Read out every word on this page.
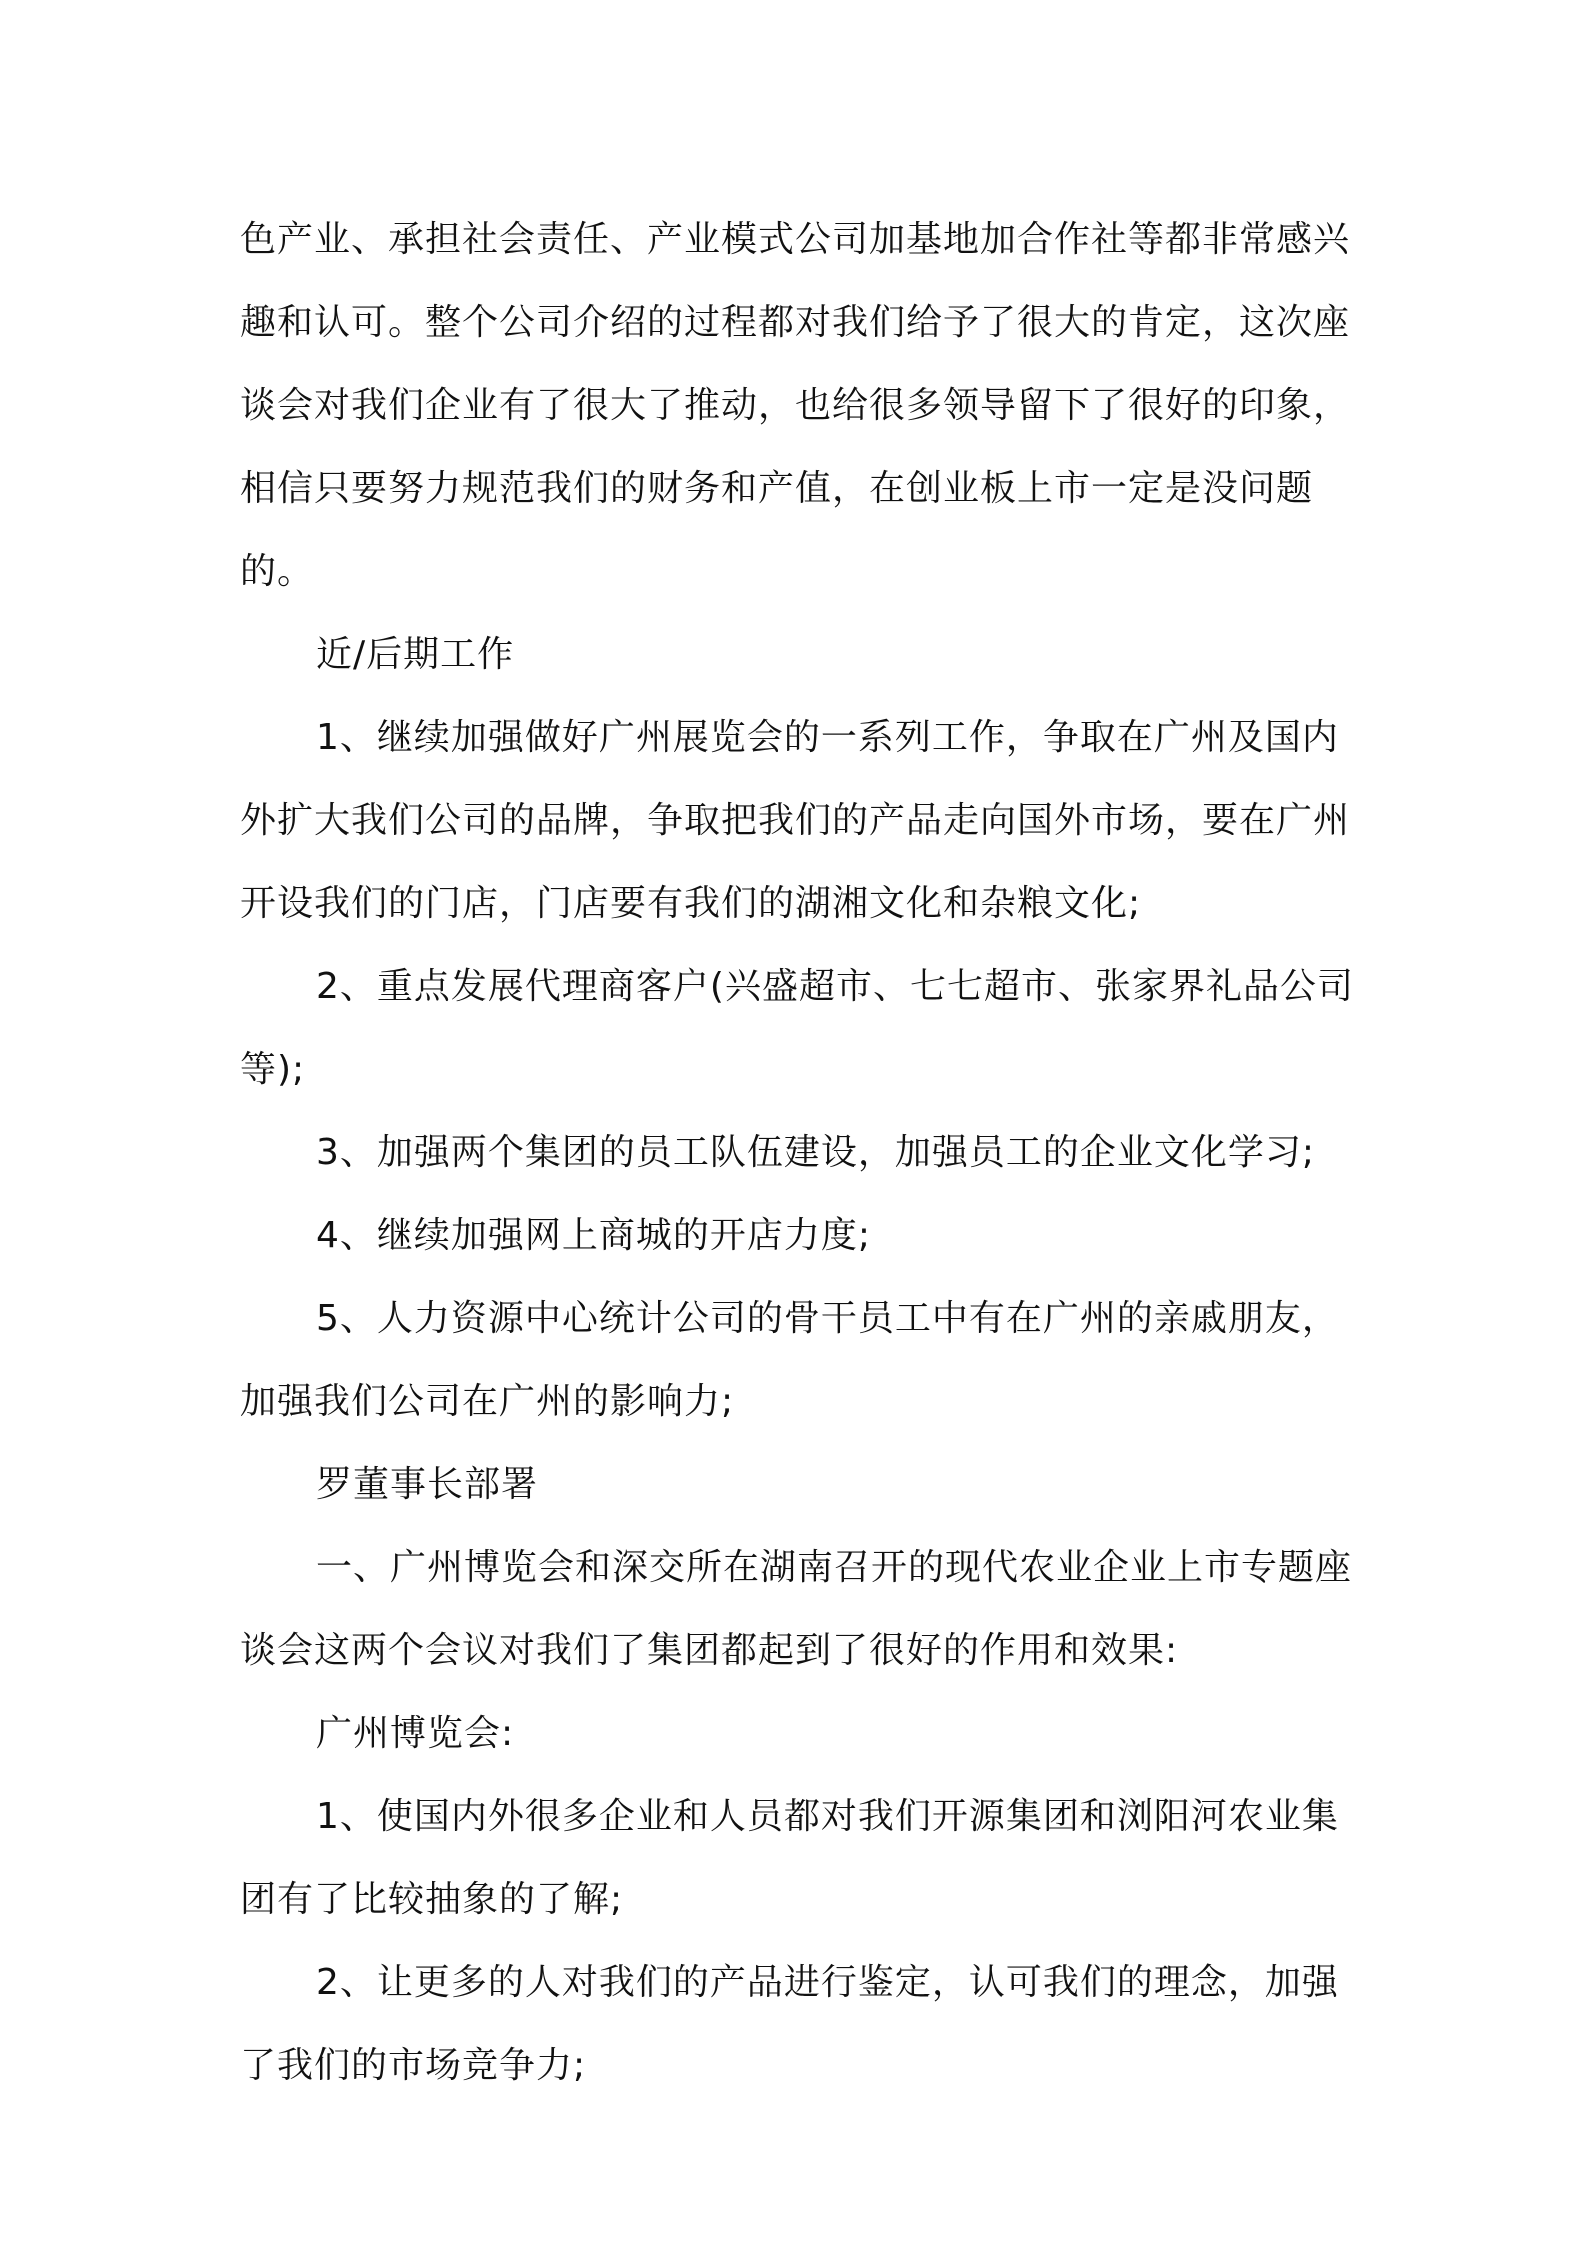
色产业、承担社会责任、产业模式公司加基地加合作社等都非常感兴趣和认可。整个公司介绍的过程都对我们给予了很大的肯定，这次座谈会对我们企业有了很大了推动，也给很多领导留下了很好的印象，相信只要努力规范我们的财务和产值，在创业板上市一定是没问题的。

近/后期工作

1、继续加强做好广州展览会的一系列工作，争取在广州及国内外扩大我们公司的品牌，争取把我们的产品走向国外市场，要在广州开设我们的门店，门店要有我们的湖湘文化和杂粮文化;

2、重点发展代理商客户(兴盛超市、七七超市、张家界礼品公司等);

3、加强两个集团的员工队伍建设，加强员工的企业文化学习;

4、继续加强网上商城的开店力度;

5、人力资源中心统计公司的骨干员工中有在广州的亲戚朋友，加强我们公司在广州的影响力;

罗董事长部署

一、广州博览会和深交所在湖南召开的现代农业企业上市专题座谈会这两个会议对我们了集团都起到了很好的作用和效果:

广州博览会:

1、使国内外很多企业和人员都对我们开源集团和浏阳河农业集团有了比较抽象的了解;

2、让更多的人对我们的产品进行鉴定，认可我们的理念，加强了我们的市场竞争力;
